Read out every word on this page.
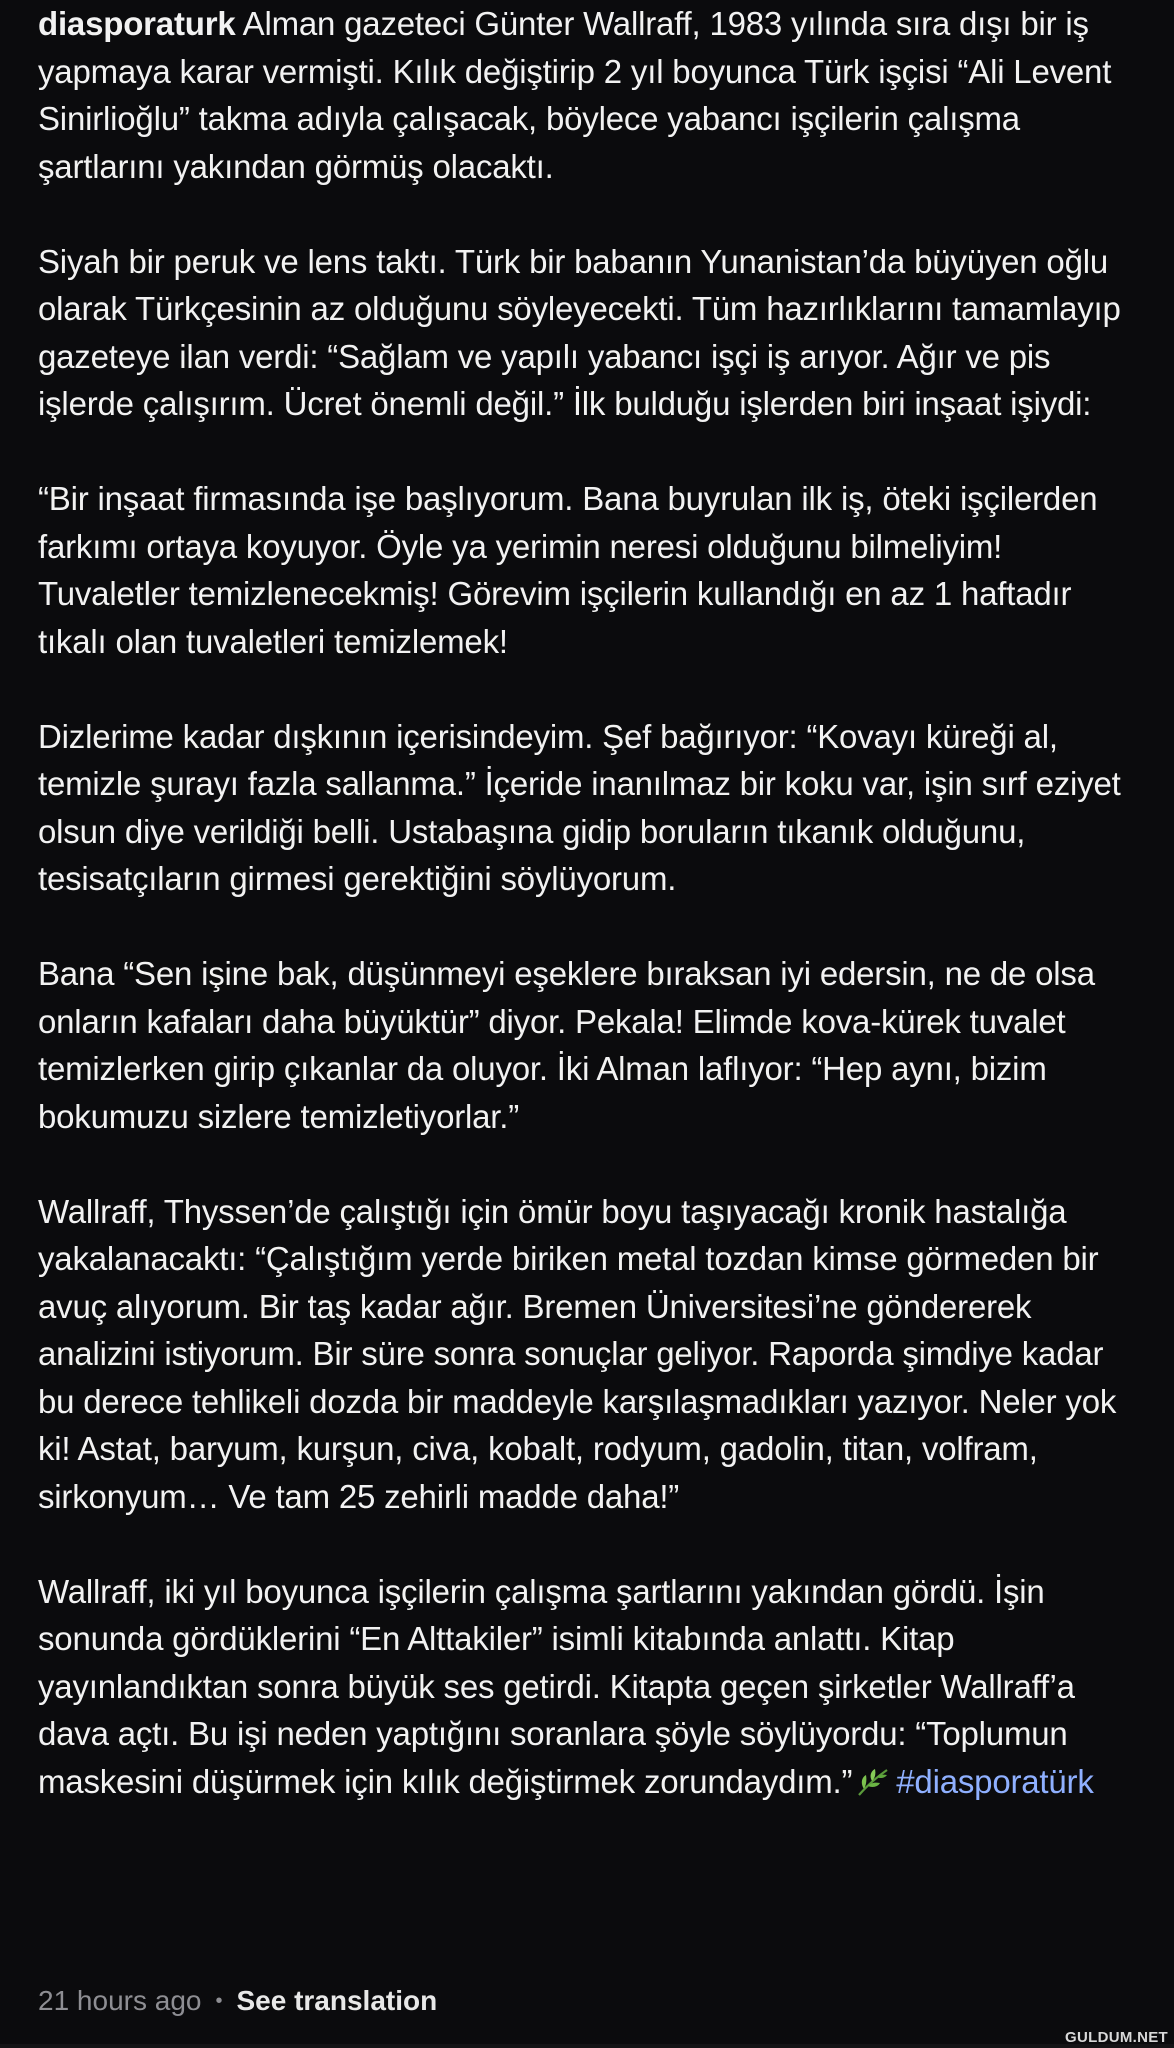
diasporaturk Alman gazeteci Günter Wallraff, 1983 yılında sıra dışı bir iş yapmaya karar vermişti. Kılık değiştirip 2 yıl boyunca Türk işçisi “Ali Levent Sinirlioğlu” takma adıyla çalışacak, böylece yabancı işçilerin çalışma şartlarını yakından görmüş olacaktı.

Siyah bir peruk ve lens taktı. Türk bir babanın Yunanistan’da büyüyen oğlu olarak Türkçesinin az olduğunu söyleyecekti. Tüm hazırlıklarını tamamlayıp gazeteye ilan verdi: “Sağlam ve yapılı yabancı işçi iş arıyor. Ağır ve pis işlerde çalışırım. Ücret önemli değil.” İlk bulduğu işlerden biri inşaat işiydi:

“Bir inşaat firmasında işe başlıyorum. Bana buyrulan ilk iş, öteki işçilerden farkımı ortaya koyuyor. Öyle ya yerimin neresi olduğunu bilmeliyim! Tuvaletler temizlenecekmiş! Görevim işçilerin kullandığı en az 1 haftadır tıkalı olan tuvaletleri temizlemek!

Dizlerime kadar dışkının içerisindeyim. Şef bağırıyor: “Kovayı küreği al, temizle şurayı fazla sallanma.” İçeride inanılmaz bir koku var, işin sırf eziyet olsun diye verildiği belli. Ustabaşına gidip boruların tıkanık olduğunu, tesisatçıların girmesi gerektiğini söylüyorum.

Bana “Sen işine bak, düşünmeyi eşeklere bıraksan iyi edersin, ne de olsa onların kafaları daha büyüktür” diyor. Pekala! Elimde kova-kürek tuvalet temizlerken girip çıkanlar da oluyor. İki Alman laflıyor: “Hep aynı, bizim bokumuzu sizlere temizletiyorlar.”

Wallraff, Thyssen’de çalıştığı için ömür boyu taşıyacağı kronik hastalığa yakalanacaktı: “Çalıştığım yerde biriken metal tozdan kimse görmeden bir avuç alıyorum. Bir taş kadar ağır. Bremen Üniversitesi’ne göndererek analizini istiyorum. Bir süre sonra sonuçlar geliyor. Raporda şimdiye kadar bu derece tehlikeli dozda bir maddeyle karşılaşmadıkları yazıyor. Neler yok ki! Astat, baryum, kurşun, civa, kobalt, rodyum, gadolin, titan, volfram, sirkonyum… Ve tam 25 zehirli madde daha!”

Wallraff, iki yıl boyunca işçilerin çalışma şartlarını yakından gördü. İşin sonunda gördüklerini “En Alttakiler” isimli kitabında anlattı. Kitap yayınlandıktan sonra büyük ses getirdi. Kitapta geçen şirketler Wallraff’a dava açtı. Bu işi neden yaptığını soranlara şöyle söylüyordu: “Toplumun maskesini düşürmek için kılık değiştirmek zorundaydım.” #diasporatürk

21 hours ago • See translation
GULDUM.NET
